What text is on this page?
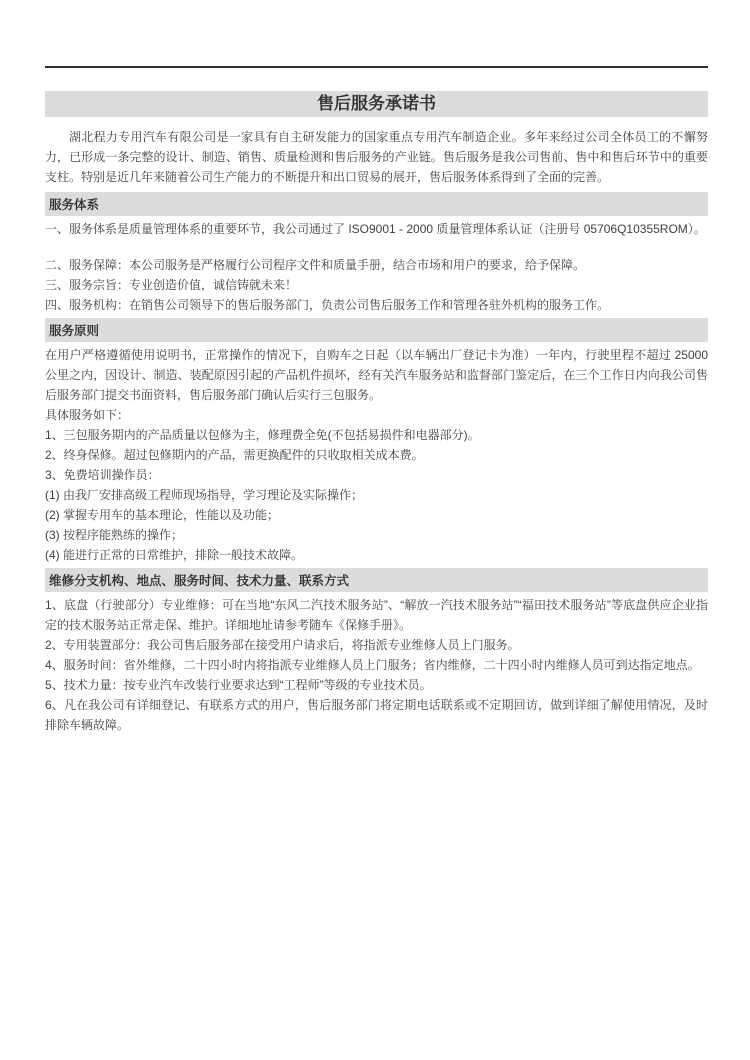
售后服务承诺书

湖北程力专用汽车有限公司是一家具有自主研发能力的国家重点专用汽车制造企业。多年来经过公司全体员工的不懈努力，已形成一条完整的设计、制造、销售、质量检测和售后服务的产业链。售后服务是我公司售前、售中和售后环节中的重要支柱。特别是近几年来随着公司生产能力的不断提升和出口贸易的展开，售后服务体系得到了全面的完善。

服务体系

一、服务体系是质量管理体系的重要环节，我公司通过了 ISO9001 - 2000 质量管理体系认证（注册号 05706Q10355ROM）。

二、服务保障：本公司服务是严格履行公司程序文件和质量手册，结合市场和用户的要求，给予保障。

三、服务宗旨：专业创造价值，诚信铸就未来！

四、服务机构：在销售公司领导下的售后服务部门，负责公司售后服务工作和管理各驻外机构的服务工作。

服务原则

在用户严格遵循使用说明书，正常操作的情况下，自购车之日起（以车辆出厂登记卡为准）一年内，行驶里程不超过 25000 公里之内，因设计、制造、装配原因引起的产品机件损坏，经有关汽车服务站和监督部门鉴定后，在三个工作日内向我公司售后服务部门提交书面资料，售后服务部门确认后实行三包服务。

具体服务如下：

1、三包服务期内的产品质量以包修为主，修理费全免(不包括易损件和电器部分)。

2、终身保修。超过包修期内的产品，需更换配件的只收取相关成本费。

3、免费培训操作员：

(1) 由我厂安排高级工程师现场指导，学习理论及实际操作；

(2) 掌握专用车的基本理论，性能以及功能；

(3) 按程序能熟练的操作；

(4) 能进行正常的日常维护，排除一般技术故障。

维修分支机构、地点、服务时间、技术力量、联系方式

1、底盘（行驶部分）专业维修：可在当地“东风二汽技术服务站”、“解放一汽技术服务站”“福田技术服务站”等底盘供应企业指定的技术服务站正常走保、维护。详细地址请参考随车《保修手册》。

2、专用装置部分：我公司售后服务部在接受用户请求后，将指派专业维修人员上门服务。

4、服务时间：省外维修，二十四小时内将指派专业维修人员上门服务；省内维修，二十四小时内维修人员可到达指定地点。

5、技术力量：按专业汽车改装行业要求达到“工程师”等级的专业技术员。

6、凡在我公司有详细登记、有联系方式的用户，售后服务部门将定期电话联系或不定期回访，做到详细了解使用情况，及时排除车辆故障。
